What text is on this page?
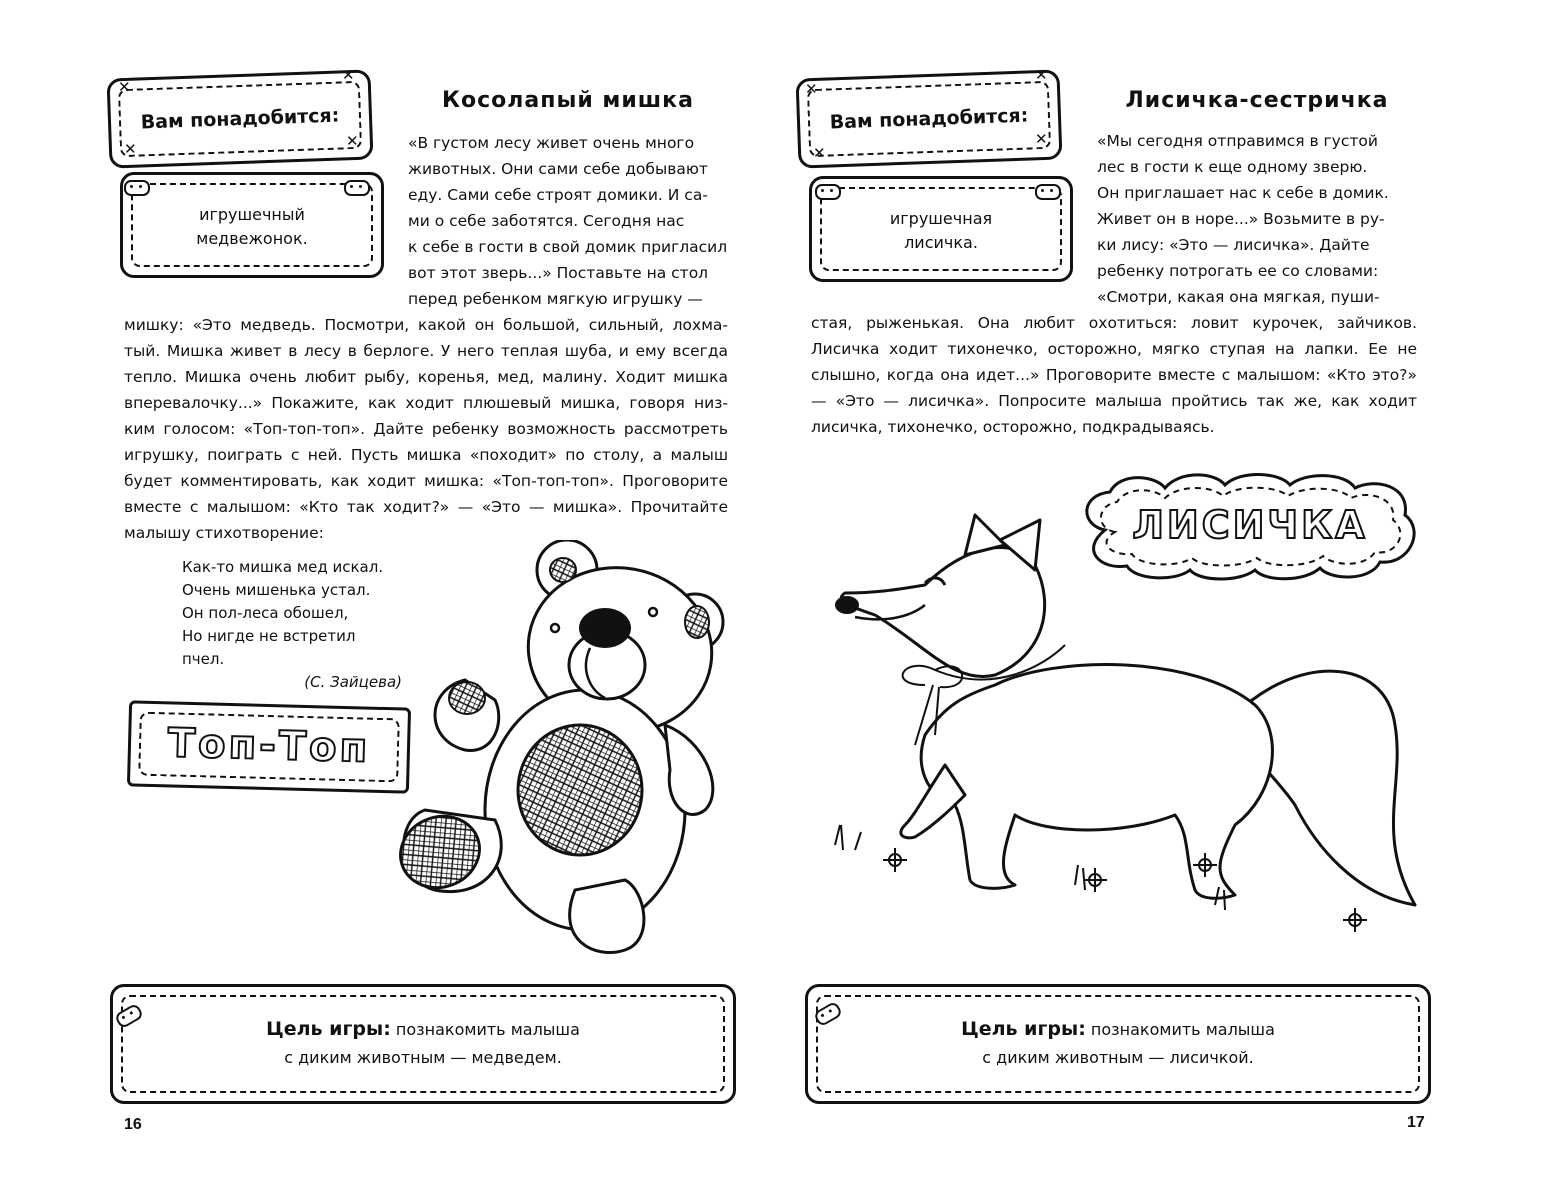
Вам понадобится:
✕
✕
✕	✕
игрушечный медвежонок.
Косолапый мишка

«В густом лесу живет очень много

животных. Они сами себе добывают

еду. Сами себе строят домики. И са-

ми о себе заботятся. Сегодня нас

к себе в гости в свой домик пригласил

вот этот зверь...» Поставьте на стол

перед ребенком мягкую игрушку —

мишку: «Это медведь. Посмотри, какой он большой, сильный, лохма-тый. Мишка живет в лесу в берлоге. У него теплая шуба, и ему всегда тепло. Мишка очень любит рыбу, коренья, мед, малину. Ходит мишка вперевалочку...» Покажите, как ходит плюшевый мишка, говоря низ-ким голосом: «Топ-топ-топ». Дайте ребенку возможность рассмотреть игрушку, поиграть с ней. Пусть мишка «походит» по столу, а малыш будет комментировать, как ходит мишка: «Топ-топ-топ». Проговорите вместе с малышом: «Кто так ходит?» — «Это — мишка». Прочитайте малышу стихотворение:
Как-то мишка мед искал.
Очень мишенька устал.
Он пол-леса обошел,
Но нигде не встретил пчел.
(С. Зайцева)
Топ-Топ
Цель игры: познакомить малыша
с диким животным — медведем.
16
Вам понадобится:
✕
✕
✕
✕
игрушечная лисичка.
Лисичка-сестричка

«Мы сегодня отправимся в густой

лес в гости к еще одному зверю.

Он приглашает нас к себе в домик.

Живет он в норе...» Возьмите в ру-

ки лису: «Это — лисичка». Дайте

ребенку потрогать ее со словами:

«Смотри, какая она мягкая, пуши-

стая, рыженькая. Она любит охотиться: ловит курочек, зайчиков. Лисичка ходит тихонечко, осторожно, мягко ступая на лапки. Ее не слышно, когда она идет...» Проговорите вместе с малышом: «Кто это?» — «Это — лисичка». Попросите малыша пройтись так же, как ходит лисичка, тихонечко, осторожно, подкрадываясь.
ЛИСИЧКА
Цель игры: познакомить малыша
с диким животным — лисичкой.
17
